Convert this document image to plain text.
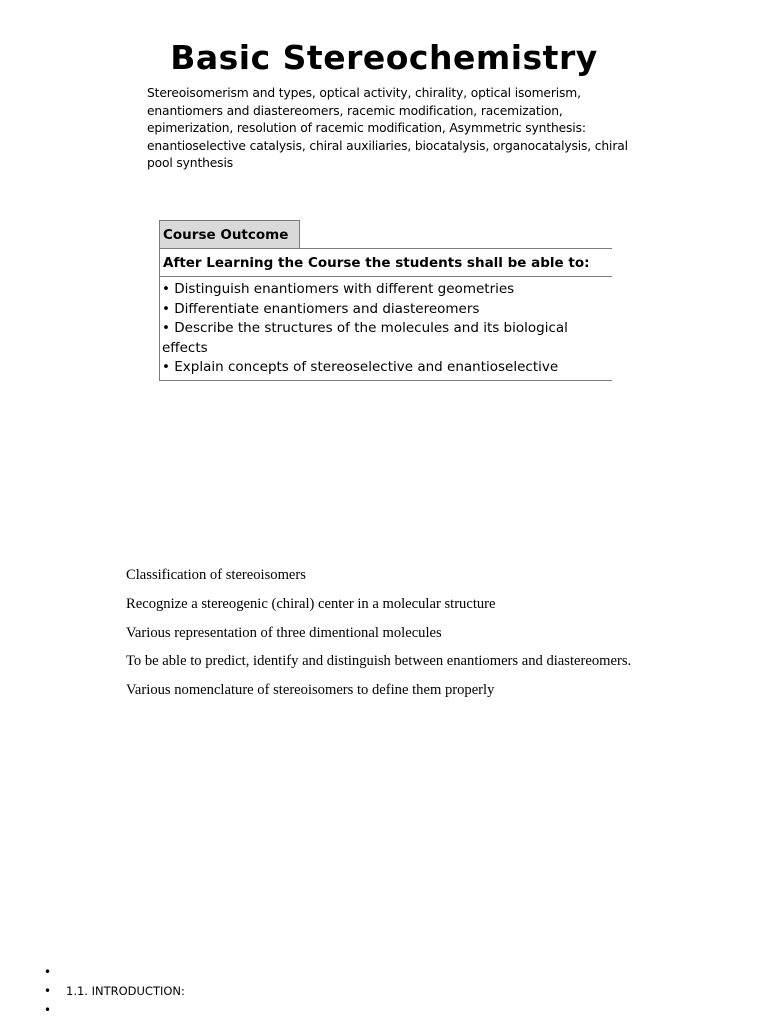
Basic Stereochemistry
Stereoisomerism and types, optical activity, chirality, optical isomerism, enantiomers and diastereomers, racemic modification, racemization, epimerization, resolution of racemic modification, Asymmetric synthesis: enantioselective catalysis, chiral auxiliaries, biocatalysis, organocatalysis, chiral pool synthesis
Course Outcome
After Learning the Course the students shall be able to:
• Distinguish enantiomers with different geometries
• Differentiate enantiomers and diastereomers
• Describe the structures of the molecules and its biological effects
• Explain concepts of stereoselective and enantioselective
Classification of stereoisomers
Recognize a stereogenic (chiral) center in a molecular structure
Various representation of three dimentional molecules
To be able to predict, identify and distinguish between enantiomers and diastereomers.
Various nomenclature of stereoisomers to define them properly
•
• 1.1. INTRODUCTION:
•
